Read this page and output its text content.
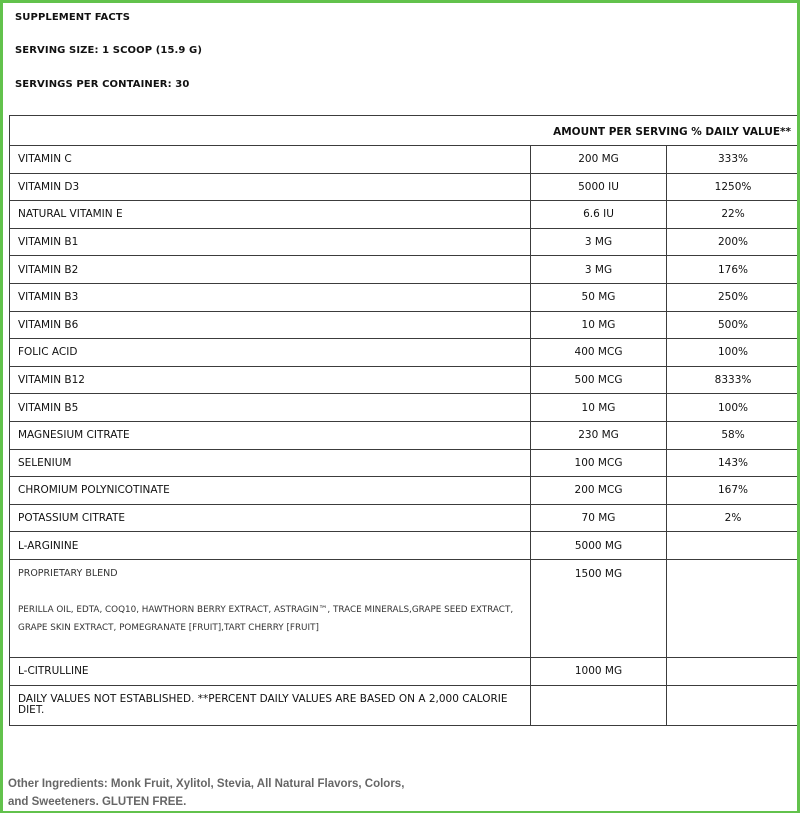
SUPPLEMENT FACTS
SERVING SIZE: 1 SCOOP (15.9 G)
SERVINGS PER CONTAINER: 30
AMOUNT PER SERVING % DAILY VALUE**		
VITAMIN C	200 MG	333%
VITAMIN D3	5000 IU	1250%
NATURAL VITAMIN E	6.6 IU	22%
VITAMIN B1	3 MG	200%
VITAMIN B2	3 MG	176%
VITAMIN B3	50 MG	250%
VITAMIN B6	10 MG	500%
FOLIC ACID	400 MCG	100%
VITAMIN B12	500 MCG	8333%
VITAMIN B5	10 MG	100%
MAGNESIUM CITRATE	230 MG	58%
SELENIUM	100 MCG	143%
CHROMIUM POLYNICOTINATE	200 MCG	167%
POTASSIUM CITRATE	70 MG	2%
L-ARGININE	5000 MG	

PROPRIETARY BLEND
PERILLA OIL, EDTA, COQ10, HAWTHORN BERRY EXTRACT, ASTRAGIN™, TRACE MINERALS,GRAPE SEED EXTRACT, GRAPE SKIN EXTRACT, POMEGRANATE [FRUIT],TART CHERRY [FRUIT]	1500 MG	
L-CITRULLINE	1000 MG	
DAILY VALUES NOT ESTABLISHED. **PERCENT DAILY VALUES ARE BASED ON A 2,000 CALORIE DIET.		
Other Ingredients: Monk Fruit, Xylitol, Stevia, All Natural Flavors, Colors, and Sweeteners. GLUTEN FREE.
